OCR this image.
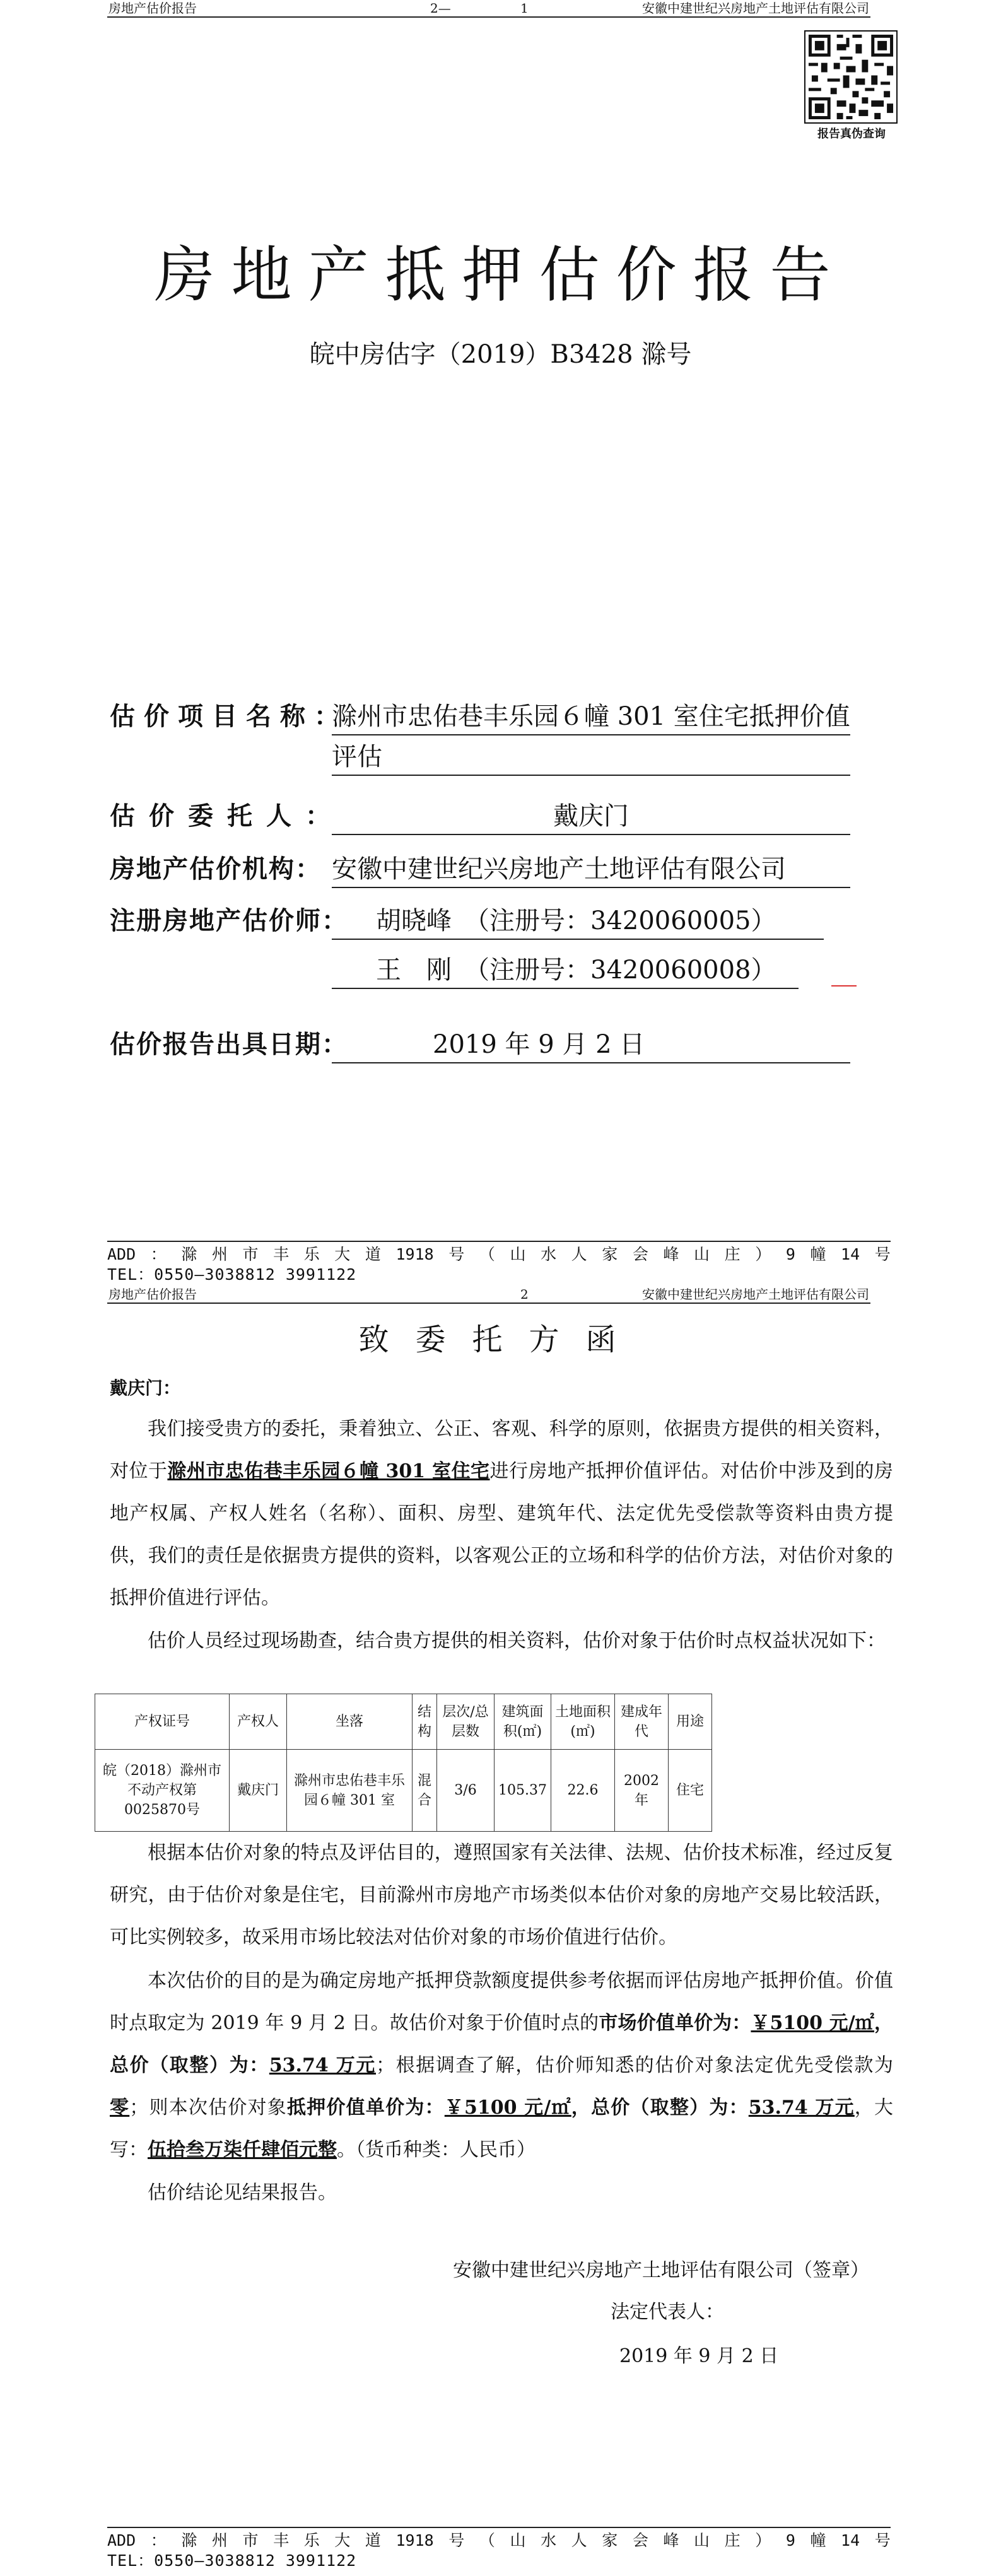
房地产估价报告	2—	1	安徽中建世纪兴房地产土地评估有限公司
报告真伪查询
房地产抵押估价报告
皖中房估字（2019）B3428 滁号
估价项目名称：
滁州市忠佑巷丰乐园６幢 301 室住宅抵押价值
评估
估价委托人：	戴庆门
房地产估价机构： 安徽中建世纪兴房地产土地评估有限公司
注册房地产估价师：	胡晓峰　（注册号：3420060005）
王　刚　（注册号：3420060008）
估价报告出具日期：	2019 年 9 月 2 日
ADD ： 滁 州 市 丰 乐 大 道 1918 号 （ 山 水 人 家 会 峰 山 庄 ） 9 幢 14 号
TEL：0550—3038812 3991122
房地产估价报告	2	安徽中建世纪兴房地产土地评估有限公司
致委托方函
戴庆门：
我们接受贵方的委托，秉着独立、公正、客观、科学的原则，依据贵方提供的相关资料，对位于滁州市忠佑巷丰乐园６幢 301 室住宅进行房地产抵押价值评估。对估价中涉及到的房地产权属、产权人姓名（名称）、面积、房型、建筑年代、法定优先受偿款等资料由贵方提供，我们的责任是依据贵方提供的资料，以客观公正的立场和科学的估价方法，对估价对象的抵押价值进行评估。
估价人员经过现场勘查，结合贵方提供的相关资料，估价对象于估价时点权益状况如下：
产权证号	产权人	坐落	结构	层次/总层数	建筑面积(㎡)	土地面积(㎡)	建成年代	用途
皖（2018）滁州市不动产权第0025870号	戴庆门	滁州市忠佑巷丰乐园６幢 301 室	混合	3/6	105.37	22.6	2002年	住宅
根据本估价对象的特点及评估目的，遵照国家有关法律、法规、估价技术标准，经过反复研究，由于估价对象是住宅，目前滁州市房地产市场类似本估价对象的房地产交易比较活跃，可比实例较多，故采用市场比较法对估价对象的市场价值进行估价。
本次估价的目的是为确定房地产抵押贷款额度提供参考依据而评估房地产抵押价值。价值时点取定为 2019 年 9 月 2 日。故估价对象于价值时点的市场价值单价为：￥5100 元/㎡，总价（取整）为：53.74 万元；根据调查了解，估价师知悉的估价对象法定优先受偿款为零；则本次估价对象抵押价值单价为：￥5100 元/㎡，总价（取整）为：53.74 万元，大写：伍拾叁万柒仟肆佰元整。（货币种类：人民币）
估价结论见结果报告。
安徽中建世纪兴房地产土地评估有限公司（签章）
法定代表人：
2019 年 9 月 2 日
ADD ： 滁 州 市 丰 乐 大 道 1918 号 （ 山 水 人 家 会 峰 山 庄 ） 9 幢 14 号
TEL：0550—3038812 3991122
